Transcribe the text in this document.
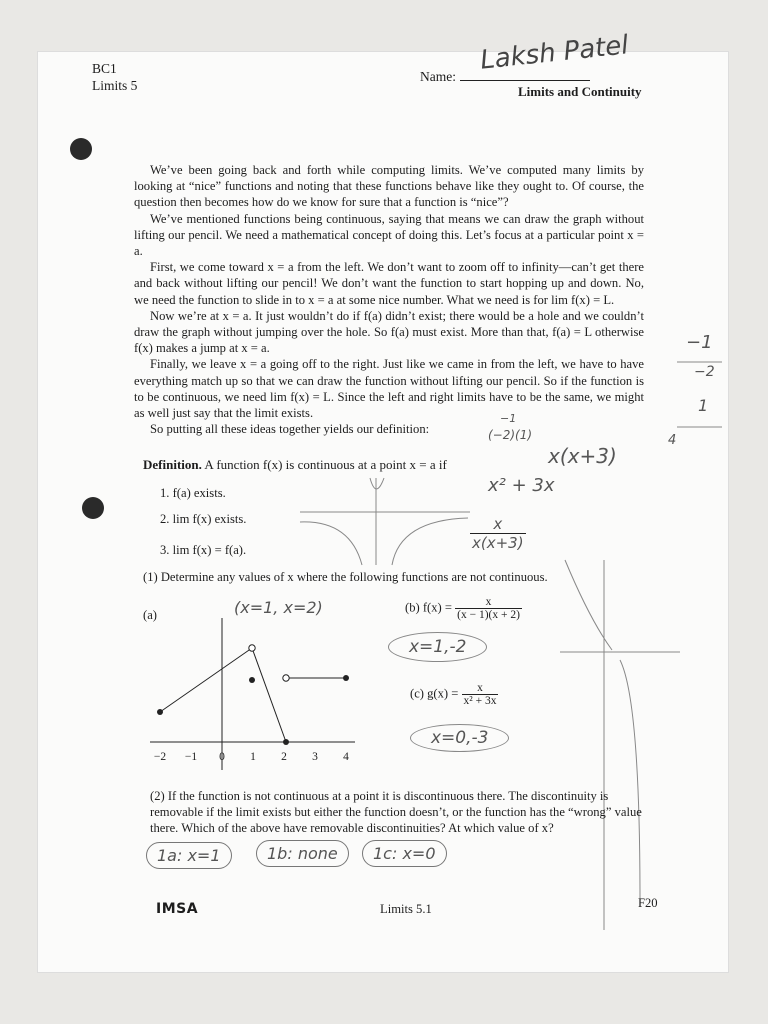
BC1
Limits 5
Name:
Laksh Patel
Limits and Continuity

We’ve been going back and forth while computing limits. We’ve computed many limits by looking at “nice” functions and noting that these functions behave like they ought to. Of course, the question then becomes how do we know for sure that a function is “nice”?

We’ve mentioned functions being continuous, saying that means we can draw the graph without lifting our pencil. We need a mathematical concept of doing this. Let’s focus at a particular point x = a.

First, we come toward x = a from the left. We don’t want to zoom off to infinity—can’t get there and back without lifting our pencil! We don’t want the function to start hopping up and down. No, we need the function to slide in to x = a at some nice number. What we need is for lim f(x) = L.

Now we’re at x = a. It just wouldn’t do if f(a) didn’t exist; there would be a hole and we couldn’t draw the graph without jumping over the hole. So f(a) must exist. More than that, f(a) = L otherwise f(x) makes a jump at x = a.

Finally, we leave x = a going off to the right. Just like we came in from the left, we have to have everything match up so that we can draw the function without lifting our pencil. So if the function is to be continuous, we need lim f(x) = L. Since the left and right limits have to be the same, we might as well just say that the limit exists.

So putting all these ideas together yields our definition:

Definition. A function f(x) is continuous at a point x = a if
1. f(a) exists.
2. lim f(x) exists.
3. lim f(x) = f(a).
x(x+3)
x² + 3x
$\frac{x}{x(x+3)}$
−1
(−2)(1)
−1
−2
1
4
(1) Determine any values of x where the following functions are not continuous.
(a)	(x=1, x=2)
−2 −1 0 1 2 3 4
(b) $f(x) = \frac{x}{(x - 1)(x + 2)}$
x=1,-2
(c) $g(x) = \frac{x}{\text{x² + 3x}}$
x=0,-3
(2) If the function is not continuous at a point it is discontinuous there. The discontinuity is removable if the limit exists but either the function doesn’t, or the function has the “wrong” value there. Which of the above have removable discontinuities? At which value of x?
1a: x=1	1b: none	1c: x=0
IMSA	Limits 5.1	F20
